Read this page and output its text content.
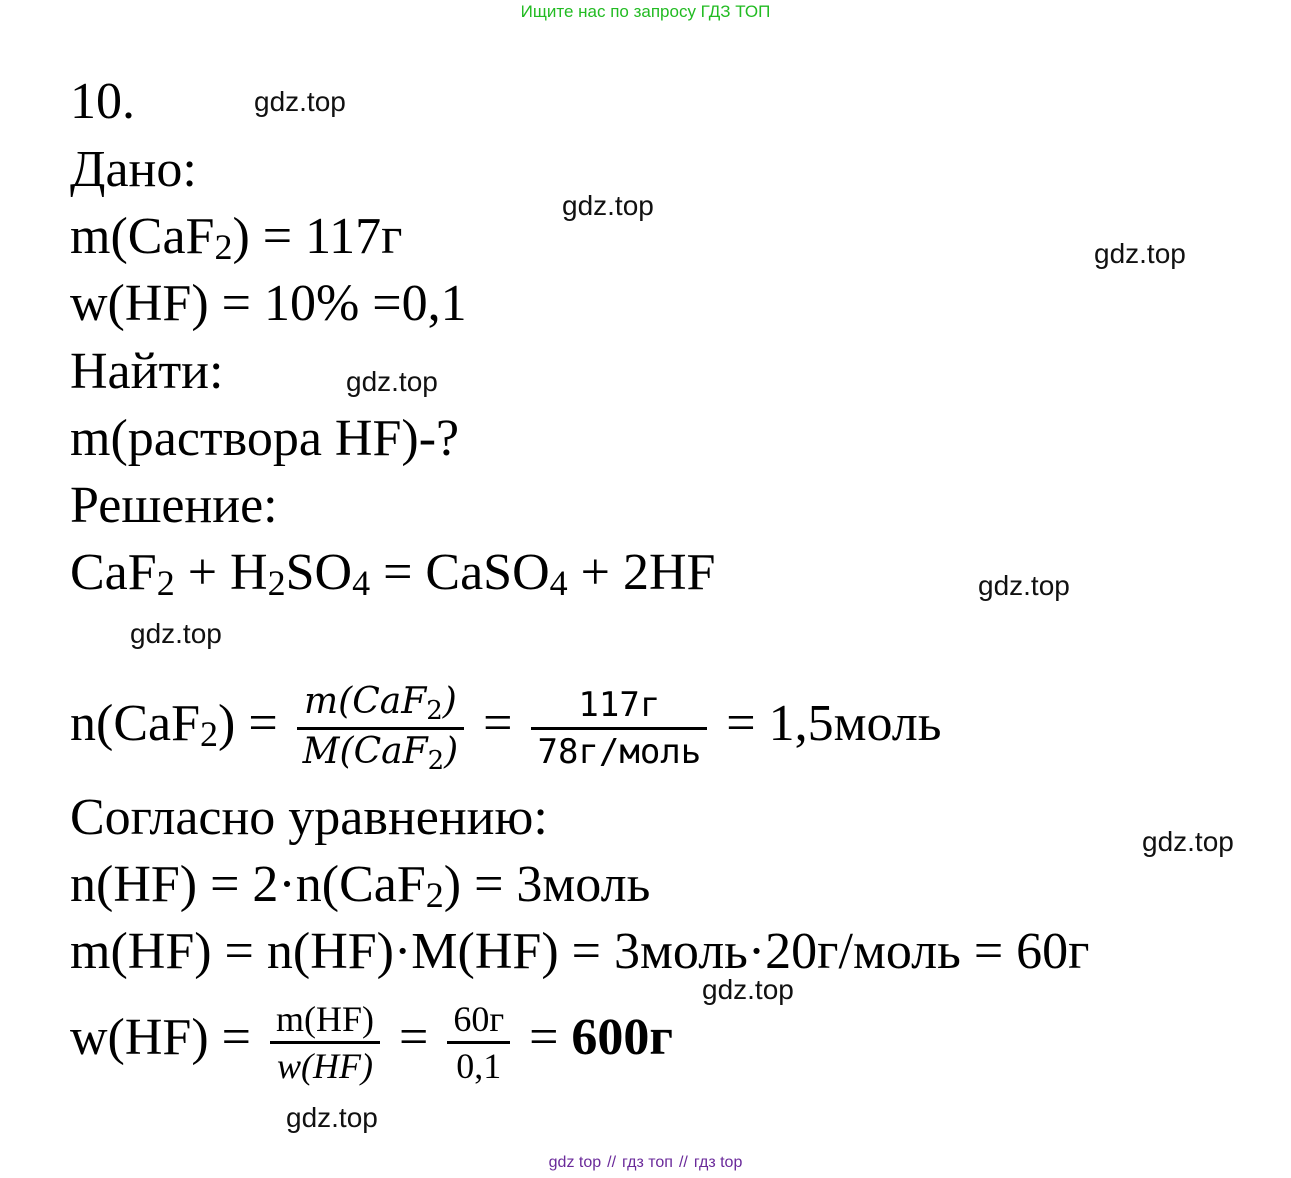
Ищите нас по запросу ГДЗ ТОП
gdz.top
gdz.top
gdz.top
gdz.top
gdz.top
gdz.top
gdz.top
gdz.top
gdz.top
10.
Дано:
m(CaF2) = 117г
w(HF) = 10% =0,1
Найти:
m(раствора HF)-?
Решение:
CaF2 + H2SO4 = CaSO4 + 2HF
$n(CaF2) = \frac{\text{m(CaF2)}}{\text{M(CaF2)}} = \frac{117г}{\text{78г/моль}}$ = 1,5моль
Согласно уравнению:
n(HF) = 2·n(CaF2) = 3моль
m(HF) = n(HF)·M(HF) = 3моль·20г/моль = 60г
$w(HF) = \frac{m(HF)}{w(HF)} = \frac{60г}{0,1} = 600г$
gdz top // гдз топ // гдз top
